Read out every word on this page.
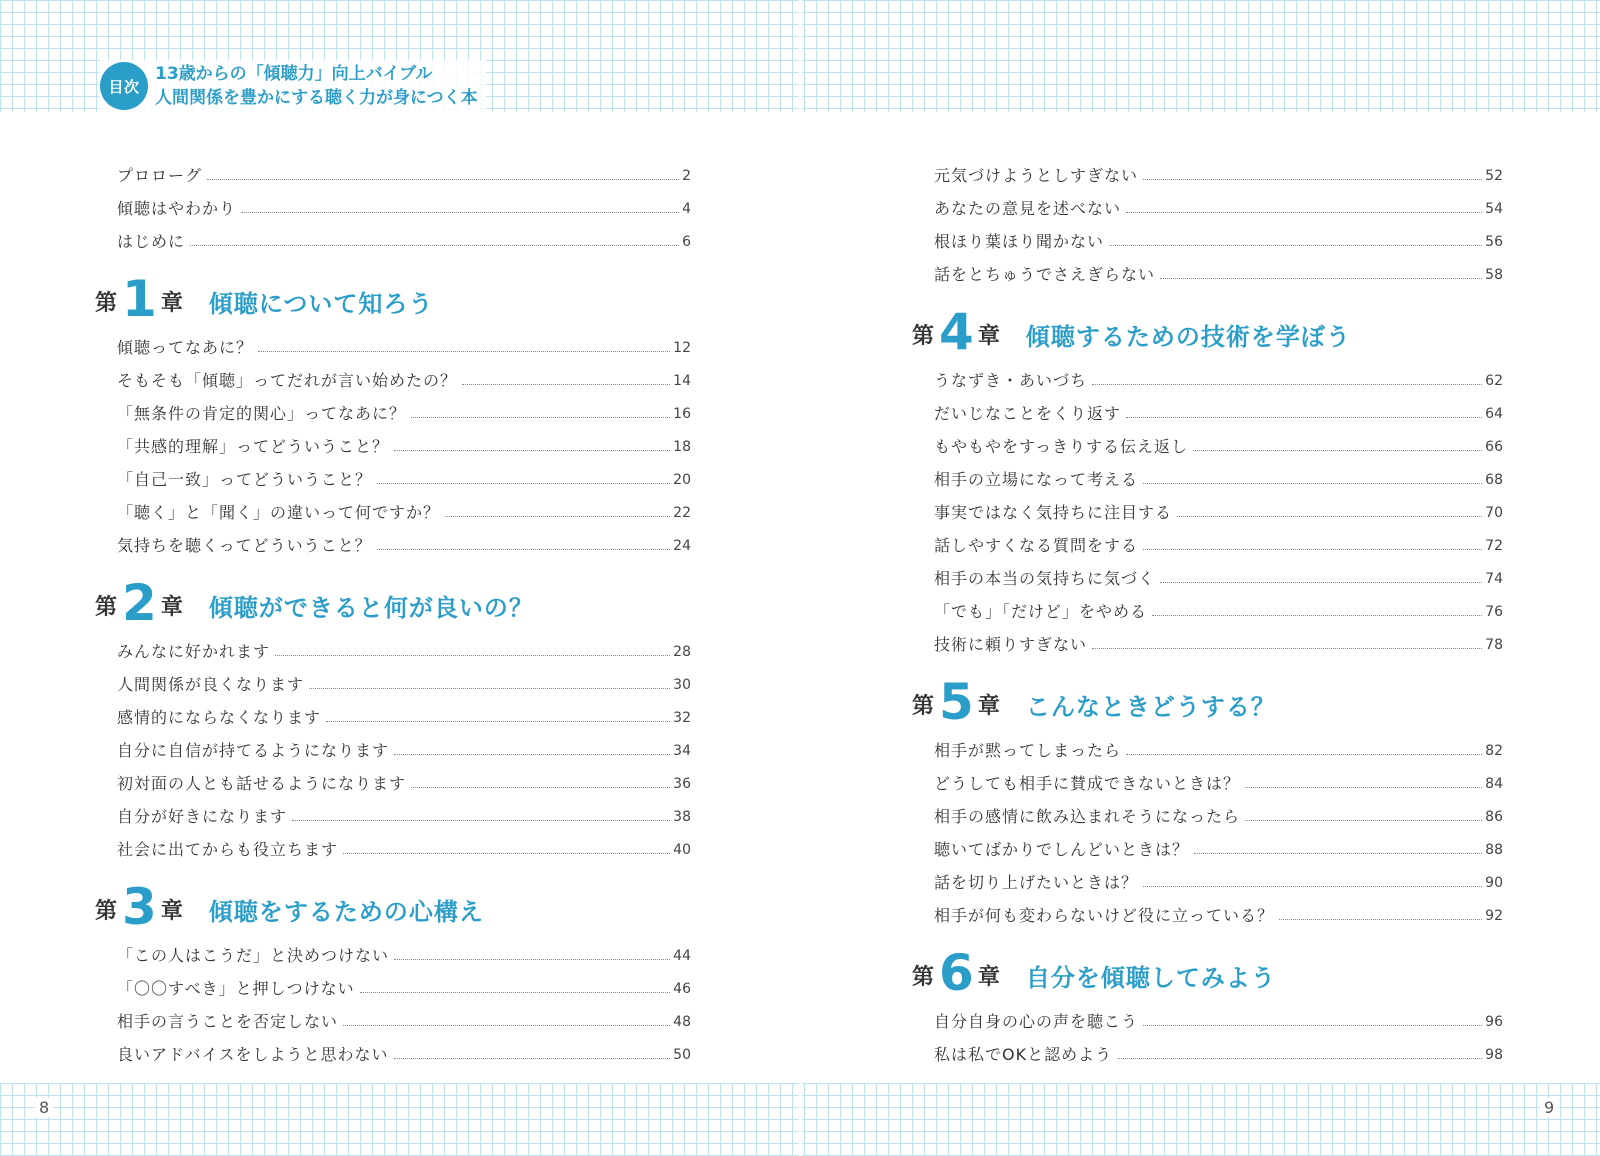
目次
13歳からの「傾聴力」向上バイブル
人間関係を豊かにする聴く力が身につく本
プロローグ	2
傾聴はやわかり	4
はじめに	6
第 1 章 傾聴について知ろう
傾聴ってなあに？	12
そもそも「傾聴」ってだれが言い始めたの？	14
「無条件の肯定的関心」ってなあに？	16
「共感的理解」ってどういうこと？	18
「自己一致」ってどういうこと？	20
「聴く」と「聞く」の違いって何ですか？	22
気持ちを聴くってどういうこと？	24
第 2 章 傾聴ができると何が良いの？
みんなに好かれます	28
人間関係が良くなります	30
感情的にならなくなります	32
自分に自信が持てるようになります	34
初対面の人とも話せるようになります	36
自分が好きになります	38
社会に出てからも役立ちます	40
第 3 章 傾聴をするための心構え
「この人はこうだ」と決めつけない	44
「〇〇すべき」と押しつけない	46
相手の言うことを否定しない	48
良いアドバイスをしようと思わない	50
元気づけようとしすぎない	52
あなたの意見を述べない	54
根ほり葉ほり聞かない	56
話をとちゅうでさえぎらない	58
第 4 章 傾聴するための技術を学ぼう
うなずき・あいづち	62
だいじなことをくり返す	64
もやもやをすっきりする伝え返し	66
相手の立場になって考える	68
事実ではなく気持ちに注目する	70
話しやすくなる質問をする	72
相手の本当の気持ちに気づく	74
「でも」「だけど」をやめる	76
技術に頼りすぎない	78
第 5 章 こんなときどうする？
相手が黙ってしまったら	82
どうしても相手に賛成できないときは？	84
相手の感情に飲み込まれそうになったら	86
聴いてばかりでしんどいときは？	88
話を切り上げたいときは？	90
相手が何も変わらないけど役に立っている？	92
第 6 章 自分を傾聴してみよう
自分自身の心の声を聴こう	96
私は私でOKと認めよう	98
8	9
